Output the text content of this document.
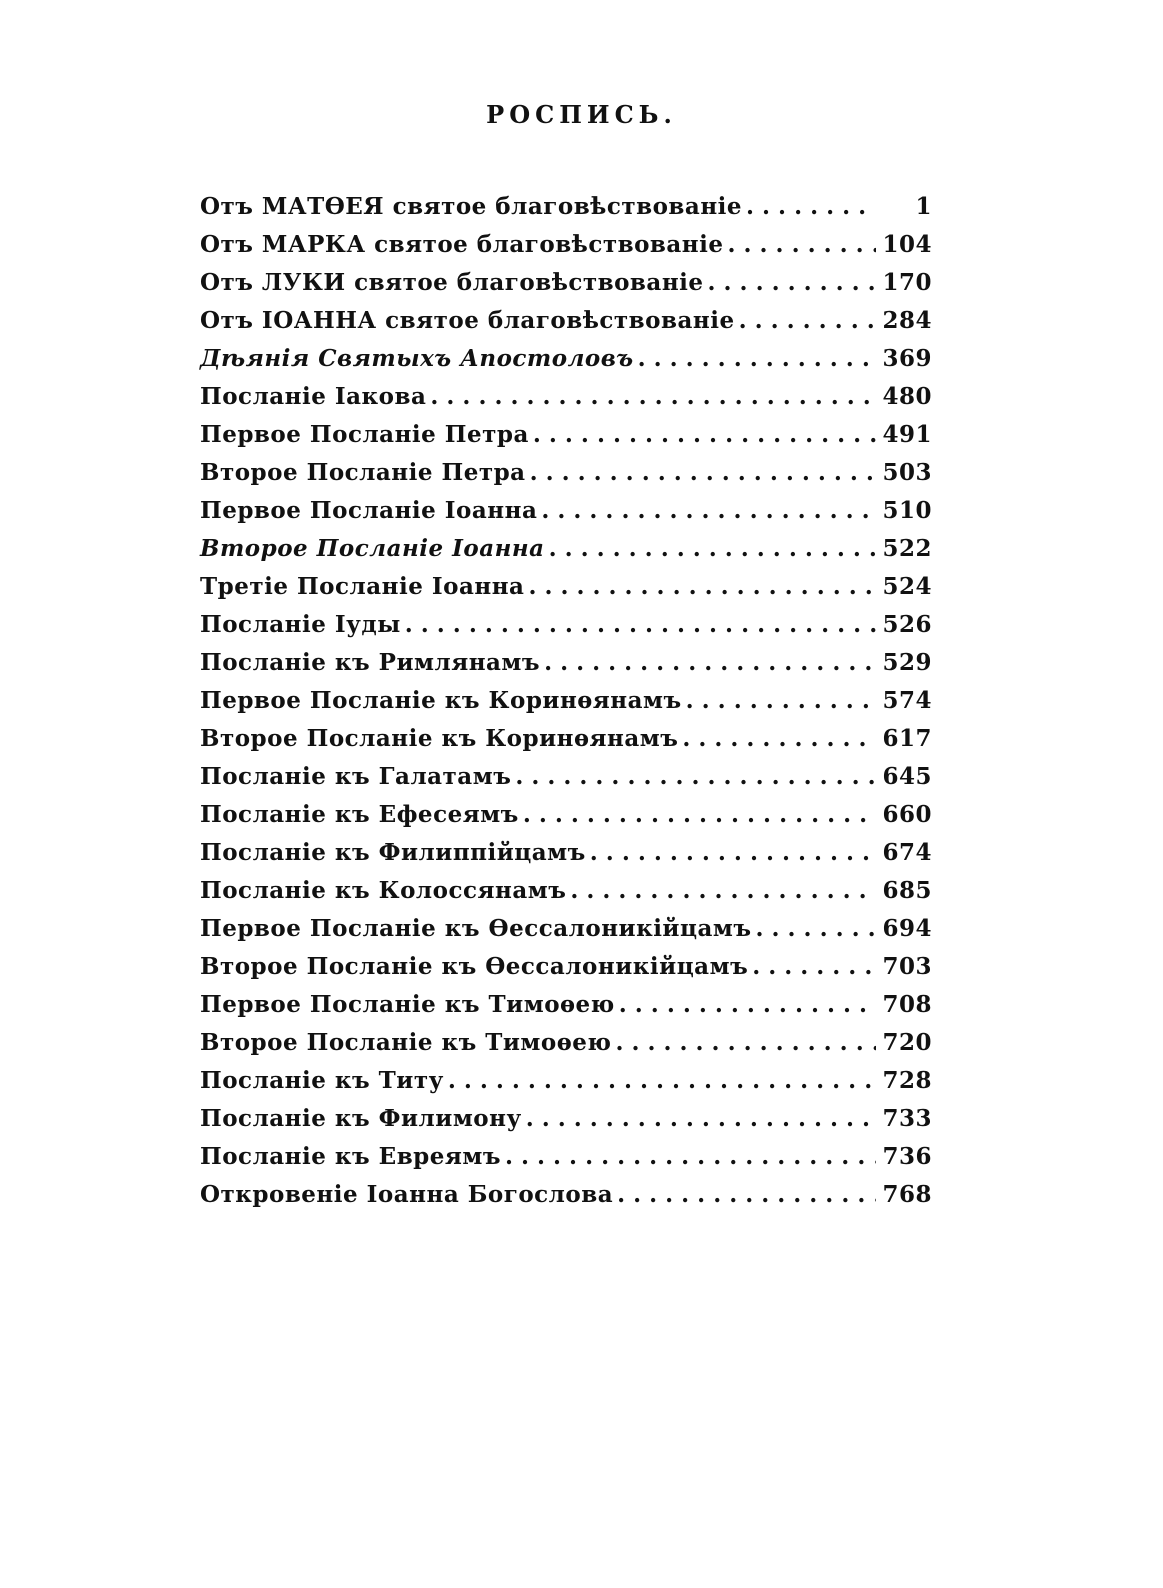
РОСПИСЬ.
Отъ МАТѲЕЯ святое благовѣствованіе . . .	1
Отъ МАРКА святое благовѣствованіе . . .	104
Отъ ЛУКИ святое благовѣствованіе . . .	170
Отъ ІОАННА святое благовѣствованіе . . .	284
Дѣянія Святыхъ Апостоловъ . . .	369
Посланіе Іакова . . .	480
Первое Посланіе Петра . . .	491
Второе Посланіе Петра . . .	503
Первое Посланіе Іоанна . . .	510
Второе Посланіе Іоанна . . .	522
Третіе Посланіе Іоанна . . .	524
Посланіе Іуды . . .	526
Посланіе къ Римлянамъ . . .	529
Первое Посланіе къ Коринѳянамъ . . .	574
Второе Посланіе къ Коринѳянамъ . . .	617
Посланіе къ Галатамъ . . .	645
Посланіе къ Ефесеямъ . . .	660
Посланіе къ Филиппійцамъ . . .	674
Посланіе къ Колоссянамъ . . .	685
Первое Посланіе къ Ѳессалоникійцамъ . . .	694
Второе Посланіе къ Ѳессалоникійцамъ . . .	703
Первое Посланіе къ Тимоѳею . . .	708
Второе Посланіе къ Тимоѳею . . .	720
Посланіе къ Титу . . .	728
Посланіе къ Филимону . . .	733
Посланіе къ Евреямъ . . .	736
Откровеніе Іоанна Богослова . . .	768
